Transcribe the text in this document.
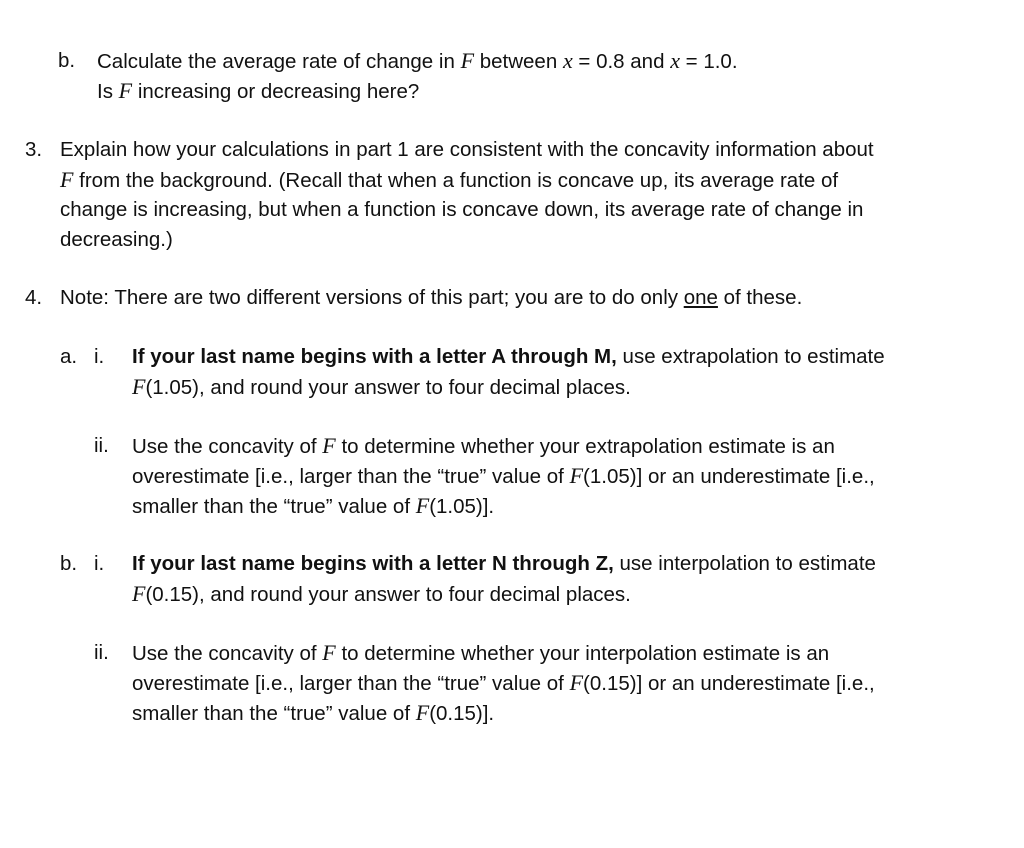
b. Calculate the average rate of change in F between x = 0.8 and x = 1.0.
Is F increasing or decreasing here?
3. Explain how your calculations in part 1 are consistent with the concavity information about
F from the background. (Recall that when a function is concave up, its average rate of
change is increasing, but when a function is concave down, its average rate of change in
decreasing.)
4. Note: There are two different versions of this part; you are to do only one of these.
a. i. If your last name begins with a letter A through M, use extrapolation to estimate
F(1.05), and round your answer to four decimal places.
ii. Use the concavity of F to determine whether your extrapolation estimate is an
overestimate [i.e., larger than the “true” value of F(1.05)] or an underestimate [i.e.,
smaller than the “true” value of F(1.05)].
b. i. If your last name begins with a letter N through Z, use interpolation to estimate
F(0.15), and round your answer to four decimal places.
ii. Use the concavity of F to determine whether your interpolation estimate is an
overestimate [i.e., larger than the “true” value of F(0.15)] or an underestimate [i.e.,
smaller than the “true” value of F(0.15)].
